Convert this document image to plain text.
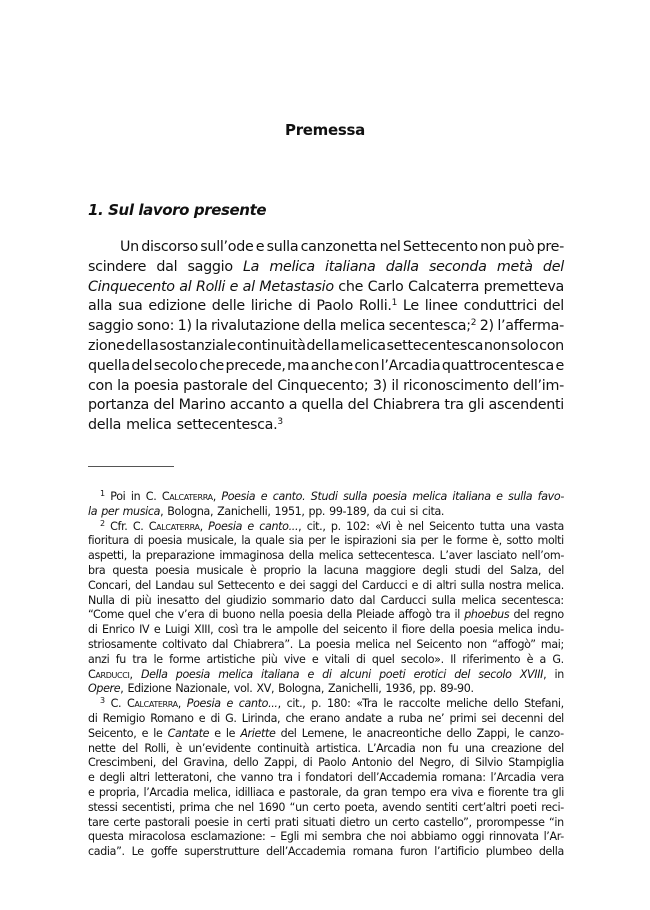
Premessa
1. Sul lavoro presente
Un discorso sull’ode e sulla canzonetta nel Settecento non può pre-
scindere dal saggio La melica italiana dalla seconda metà del
Cinquecento al Rolli e al Metastasio che Carlo Calcaterra premetteva
alla sua edizione delle liriche di Paolo Rolli.$^1$ Le linee conduttrici del
saggio sono: 1) la rivalutazione della melica secentesca;$^2$ 2) l’afferma-
zione della sostanziale continuità della melica settecentesca non solo con
quella del secolo che precede, ma anche con l’Arcadia quattrocentesca e
con la poesia pastorale del Cinquecento; 3) il riconoscimento dell’im-
portanza del Marino accanto a quella del Chiabrera tra gli ascendenti
della melica settecentesca.$^3$
$^1$ Poi in C. Calcaterra, Poesia e canto. Studi sulla poesia melica italiana e sulla favo-
la per musica, Bologna, Zanichelli, 1951, pp. 99-189, da cui si cita.
$^2$ Cfr. C. Calcaterra, Poesia e canto..., cit., p. 102: «Vi è nel Seicento tutta una vasta
fioritura di poesia musicale, la quale sia per le ispirazioni sia per le forme è, sotto molti
aspetti, la preparazione immaginosa della melica settecentesca. L’aver lasciato nell’om-
bra questa poesia musicale è proprio la lacuna maggiore degli studi del Salza, del
Concari, del Landau sul Settecento e dei saggi del Carducci e di altri sulla nostra melica.
Nulla di più inesatto del giudizio sommario dato dal Carducci sulla melica secentesca:
“Come quel che v’era di buono nella poesia della Pleiade affogò tra il phoebus del regno
di Enrico IV e Luigi XIII, così tra le ampolle del seicento il fiore della poesia melica indu-
striosamente coltivato dal Chiabrera”. La poesia melica nel Seicento non “affogò” mai;
anzi fu tra le forme artistiche più vive e vitali di quel secolo». Il riferimento è a G.
Carducci, Della poesia melica italiana e di alcuni poeti erotici del secolo XVIII, in
Opere, Edizione Nazionale, vol. XV, Bologna, Zanichelli, 1936, pp. 89-90.
$^3$ C. Calcaterra, Poesia e canto..., cit., p. 180: «Tra le raccolte meliche dello Stefani,
di Remigio Romano e di G. Lirinda, che erano andate a ruba ne’ primi sei decenni del
Seicento, e le Cantate e le Ariette del Lemene, le anacreontiche dello Zappi, le canzo-
nette del Rolli, è un’evidente continuità artistica. L’Arcadia non fu una creazione del
Crescimbeni, del Gravina, dello Zappi, di Paolo Antonio del Negro, di Silvio Stampiglia
e degli altri letteratoni, che vanno tra i fondatori dell’Accademia romana: l’Arcadia vera
e propria, l’Arcadia melica, idilliaca e pastorale, da gran tempo era viva e fiorente tra gli
stessi secentisti, prima che nel 1690 “un certo poeta, avendo sentiti cert’altri poeti reci-
tare certe pastorali poesie in certi prati situati dietro un certo castello”, prorompesse “in
questa miracolosa esclamazione: – Egli mi sembra che noi abbiamo oggi rinnovata l’Ar-
cadia”. Le goffe superstrutture dell’Accademia romana furon l’artificio plumbeo della
